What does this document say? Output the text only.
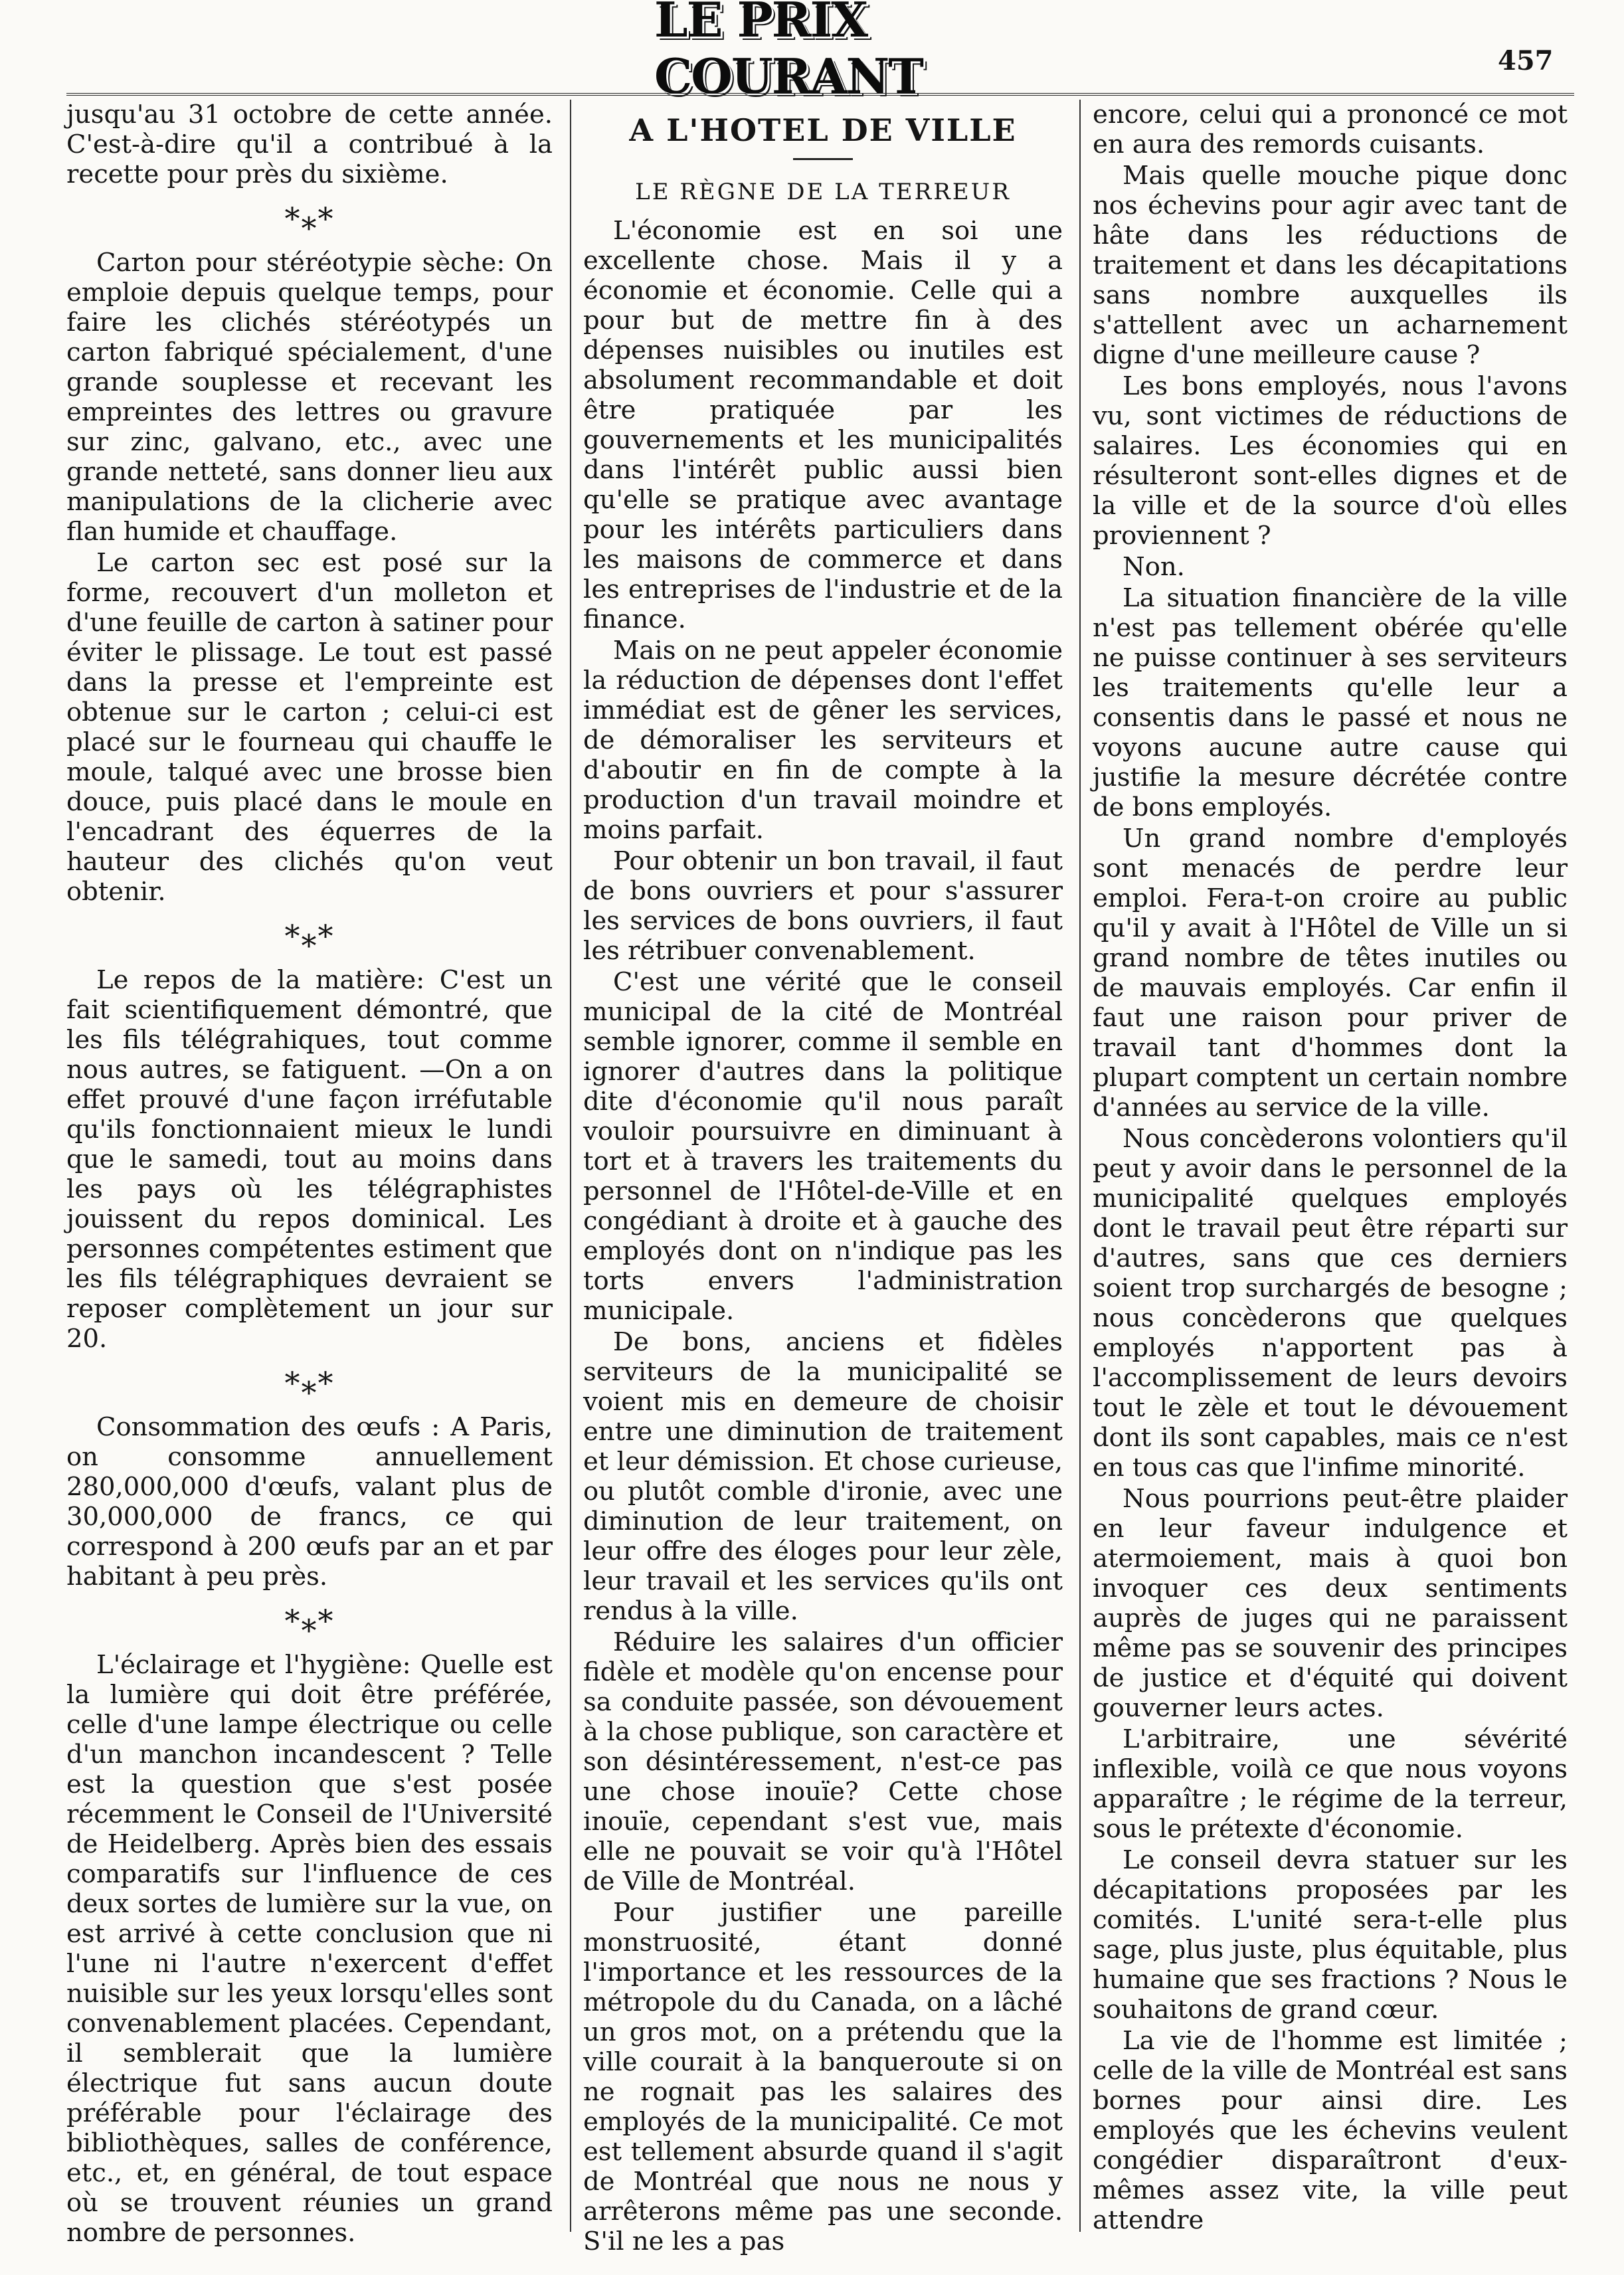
LE PRIX COURANT	457

jusqu'au 31 octobre de cette année. C'est-à-dire qu'il a contribué à la recette pour près du sixième.

*⁎*

Carton pour stéréotypie sèche: On emploie depuis quelque temps, pour faire les clichés stéréotypés un carton fabriqué spécialement, d'une grande souplesse et recevant les empreintes des lettres ou gravure sur zinc, galvano, etc., avec une grande netteté, sans donner lieu aux manipulations de la clicherie avec flan humide et chauffage.

Le carton sec est posé sur la forme, recouvert d'un molleton et d'une feuille de carton à satiner pour éviter le plissage. Le tout est passé dans la presse et l'empreinte est obtenue sur le carton ; celui-ci est placé sur le fourneau qui chauffe le moule, talqué avec une brosse bien douce, puis placé dans le moule en l'encadrant des équerres de la hauteur des clichés qu'on veut obtenir.

*⁎*

Le repos de la matière: C'est un fait scientifiquement démontré, que les fils télégrahiques, tout comme nous autres, se fatiguent. —On a on effet prouvé d'une façon irréfutable qu'ils fonctionnaient mieux le lundi que le samedi, tout au moins dans les pays où les télégraphistes jouissent du repos dominical. Les personnes compétentes estiment que les fils télégraphiques devraient se reposer complètement un jour sur 20.

*⁎*

Consommation des œufs : A Paris, on consomme annuellement 280,000,000 d'œufs, valant plus de 30,000,000 de francs, ce qui correspond à 200 œufs par an et par habitant à peu près.

*⁎*

L'éclairage et l'hygiène: Quelle est la lumière qui doit être préférée, celle d'une lampe électrique ou celle d'un manchon incandescent ? Telle est la question que s'est posée récemment le Conseil de l'Université de Heidelberg. Après bien des essais comparatifs sur l'influence de ces deux sortes de lumière sur la vue, on est arrivé à cette conclusion que ni l'une ni l'autre n'exercent d'effet nuisible sur les yeux lorsqu'elles sont convenablement placées. Cependant, il semblerait que la lumière électrique fut sans aucun doute préférable pour l'éclairage des bibliothèques, salles de conférence, etc., et, en général, de tout espace où se trouvent réunies un grand nombre de personnes.

A L'HOTEL DE VILLE
LE RÈGNE DE LA TERREUR

L'économie est en soi une excellente chose. Mais il y a économie et économie. Celle qui a pour but de mettre fin à des dépenses nuisibles ou inutiles est absolument recommandable et doit être pratiquée par les gouvernements et les municipalités dans l'intérêt public aussi bien qu'elle se pratique avec avantage pour les intérêts particuliers dans les maisons de commerce et dans les entreprises de l'industrie et de la finance.

Mais on ne peut appeler économie la réduction de dépenses dont l'effet immédiat est de gêner les services, de démoraliser les serviteurs et d'aboutir en fin de compte à la production d'un travail moindre et moins parfait.

Pour obtenir un bon travail, il faut de bons ouvriers et pour s'assurer les services de bons ouvriers, il faut les rétribuer convenablement.

C'est une vérité que le conseil municipal de la cité de Montréal semble ignorer, comme il semble en ignorer d'autres dans la politique dite d'économie qu'il nous paraît vouloir poursuivre en diminuant à tort et à travers les traitements du personnel de l'Hôtel-de-Ville et en congédiant à droite et à gauche des employés dont on n'indique pas les torts envers l'administration municipale.

De bons, anciens et fidèles serviteurs de la municipalité se voient mis en demeure de choisir entre une diminution de traitement et leur démission. Et chose curieuse, ou plutôt comble d'ironie, avec une diminution de leur traitement, on leur offre des éloges pour leur zèle, leur travail et les services qu'ils ont rendus à la ville.

Réduire les salaires d'un officier fidèle et modèle qu'on encense pour sa conduite passée, son dévouement à la chose publique, son caractère et son désintéressement, n'est-ce pas une chose inouïe? Cette chose inouïe, cependant s'est vue, mais elle ne pouvait se voir qu'à l'Hôtel de Ville de Montréal.

Pour justifier une pareille monstruosité, étant donné l'importance et les ressources de la métropole du du Canada, on a lâché un gros mot, on a prétendu que la ville courait à la banqueroute si on ne rognait pas les salaires des employés de la municipalité. Ce mot est tellement absurde quand il s'agit de Montréal que nous ne nous y arrêterons même pas une seconde. S'il ne les a pas

encore, celui qui a prononcé ce mot en aura des remords cuisants.

Mais quelle mouche pique donc nos échevins pour agir avec tant de hâte dans les réductions de traitement et dans les décapitations sans nombre auxquelles ils s'attellent avec un acharnement digne d'une meilleure cause ?

Les bons employés, nous l'avons vu, sont victimes de réductions de salaires. Les économies qui en résulteront sont-elles dignes et de la ville et de la source d'où elles proviennent ?

Non.

La situation financière de la ville n'est pas tellement obérée qu'elle ne puisse continuer à ses serviteurs les traitements qu'elle leur a consentis dans le passé et nous ne voyons aucune autre cause qui justifie la mesure décrétée contre de bons employés.

Un grand nombre d'employés sont menacés de perdre leur emploi. Fera-t-on croire au public qu'il y avait à l'Hôtel de Ville un si grand nombre de têtes inutiles ou de mauvais employés. Car enfin il faut une raison pour priver de travail tant d'hommes dont la plupart comptent un certain nombre d'années au service de la ville.

Nous concèderons volontiers qu'il peut y avoir dans le personnel de la municipalité quelques employés dont le travail peut être réparti sur d'autres, sans que ces derniers soient trop surchargés de besogne ; nous concèderons que quelques employés n'apportent pas à l'accomplissement de leurs devoirs tout le zèle et tout le dévouement dont ils sont capables, mais ce n'est en tous cas que l'infime minorité.

Nous pourrions peut-être plaider en leur faveur indulgence et atermoiement, mais à quoi bon invoquer ces deux sentiments auprès de juges qui ne paraissent même pas se souvenir des principes de justice et d'équité qui doivent gouverner leurs actes.

L'arbitraire, une sévérité inflexible, voilà ce que nous voyons apparaître ; le régime de la terreur, sous le prétexte d'économie.

Le conseil devra statuer sur les décapitations proposées par les comités. L'unité sera-t-elle plus sage, plus juste, plus équitable, plus humaine que ses fractions ? Nous le souhaitons de grand cœur.

La vie de l'homme est limitée ; celle de la ville de Montréal est sans bornes pour ainsi dire. Les employés que les échevins veulent congédier disparaîtront d'eux-mêmes assez vite, la ville peut attendre
